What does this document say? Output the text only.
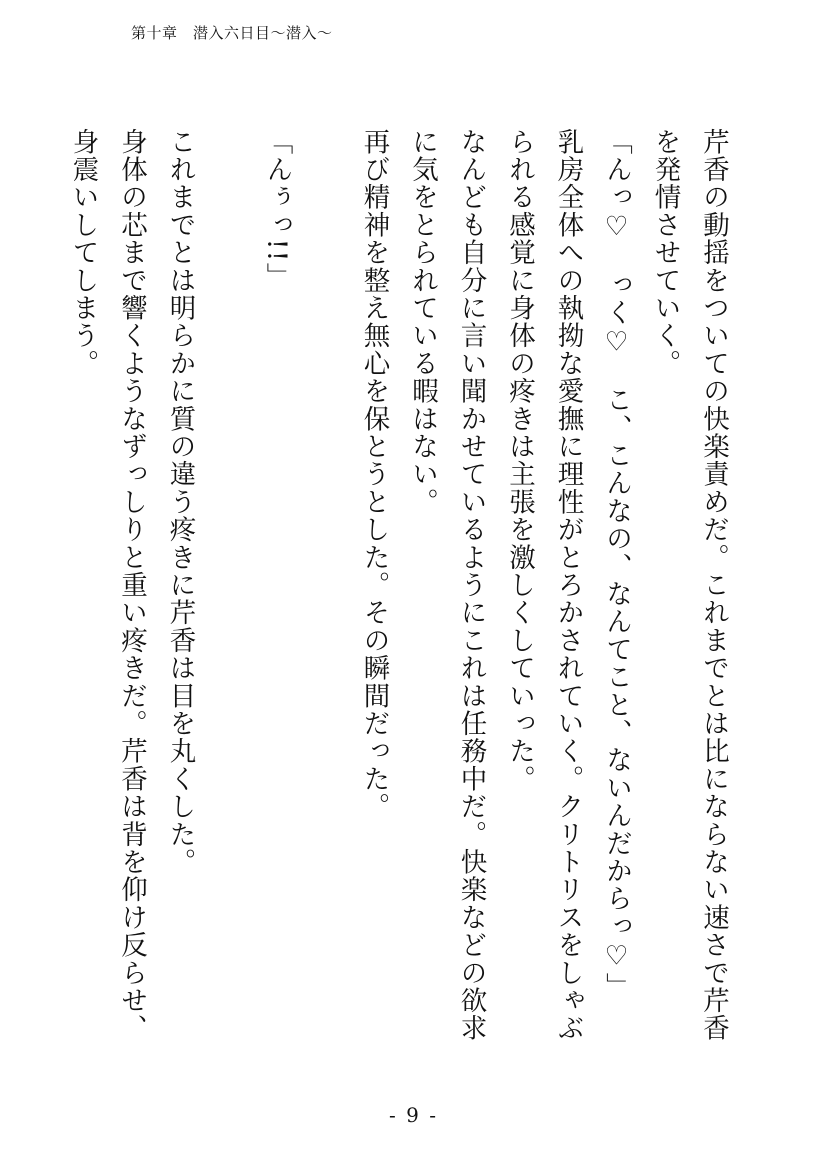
第十章　潜入六日目〜潜入〜

芹香の動揺をついての快楽責めだ。これまでとは比にならない速さで芹香を発情させていく。

「んっ♡　っく♡　こ、こんなの、なんてこと、ないんだからっ♡」

乳房全体への執拗な愛撫に理性がとろかされていく。クリトリスをしゃぶられる感覚に身体の疼きは主張を激しくしていった。

なんども自分に言い聞かせているようにこれは任務中だ。快楽などの欲求に気をとられている暇はない。

再び精神を整え無心を保とうとした。その瞬間だった。

「んぅっ!!」

これまでとは明らかに質の違う疼きに芹香は目を丸くした。

身体の芯まで響くようなずっしりと重い疼きだ。芹香は背を仰け反らせ、身震いしてしまう。

- 9 -
